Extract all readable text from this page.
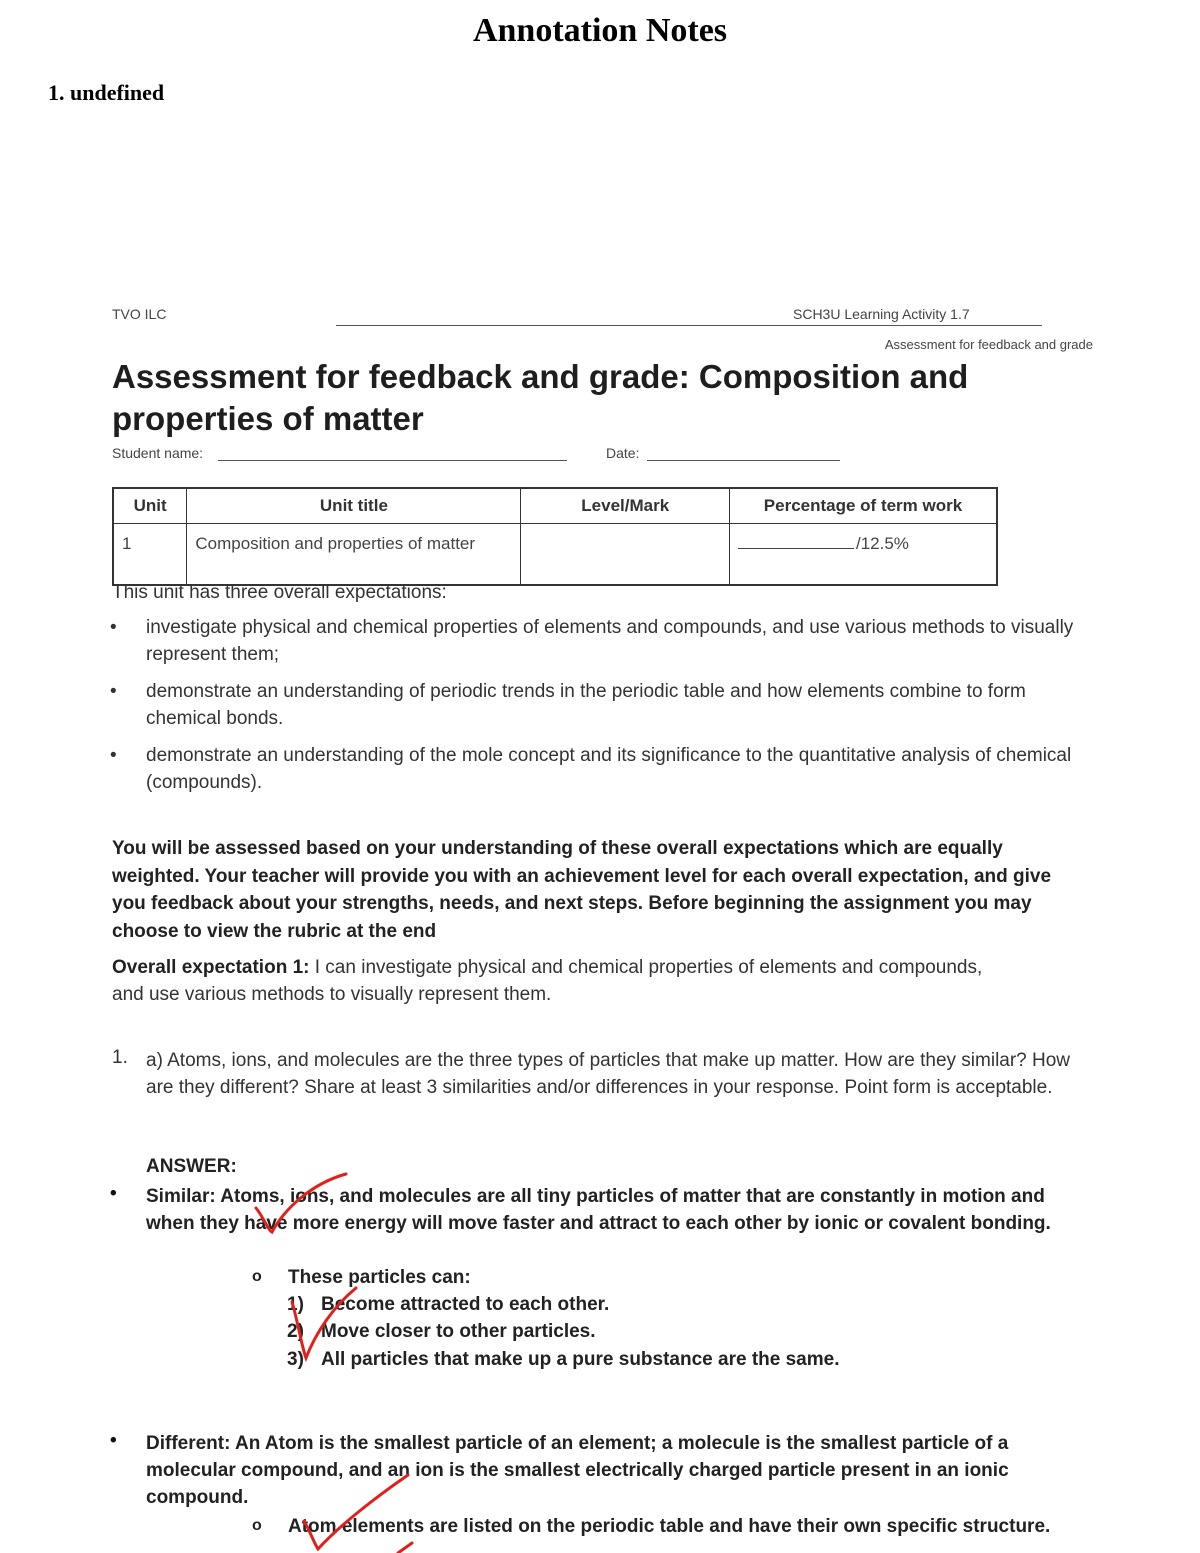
Annotation Notes
1. undefined
TVO ILC	SCH3U Learning Activity 1.7
Assessment for feedback and grade
Assessment for feedback and grade: Composition and properties of matter
Student name:	Date:
Unit	Unit title	Level/Mark	Percentage of term work
1	Composition and properties of matter		/12.5%
This unit has three overall expectations:
• investigate physical and chemical properties of elements and compounds, and use various methods to visually represent them;
• demonstrate an understanding of periodic trends in the periodic table and how elements combine to form chemical bonds.
• demonstrate an understanding of the mole concept and its significance to the quantitative analysis of chemical (compounds).

You will be assessed based on your understanding of these overall expectations which are equally weighted. Your teacher will provide you with an achievement level for each overall expectation, and give you feedback about your strengths, needs, and next steps. Before beginning the assignment you may choose to view the rubric at the end

Overall expectation 1: I can investigate physical and chemical properties of elements and compounds, and use various methods to visually represent them.

1. a) Atoms, ions, and molecules are the three types of particles that make up matter. How are they similar? How are they different? Share at least 3 similarities and/or differences in your response. Point form is acceptable.

ANSWER:
• Similar: Atoms, ions, and molecules are all tiny particles of matter that are constantly in motion and when they have more energy will move faster and attract to each other by ionic or covalent bonding.

o These particles can:

1) Become attracted to each other.
2) Move closer to other particles.
3) All particles that make up a pure substance are the same.
• Different: An Atom is the smallest particle of an element; a molecule is the smallest particle of a molecular compound, and an ion is the smallest electrically charged particle present in an ionic compound.

o Atom elements are listed on the periodic table and have their own specific structure.
